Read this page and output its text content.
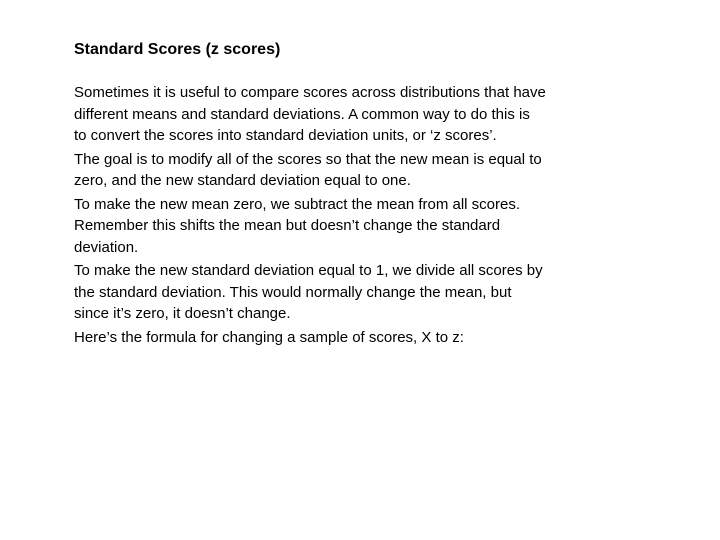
Standard Scores (z scores)
Sometimes it is useful to compare scores across distributions that have
different means and standard deviations. A common way to do this is
to convert the scores into standard deviation units, or ‘z scores’.
The goal is to modify all of the scores so that the new mean is equal to
zero, and the new standard deviation equal to one.
To make the new mean zero, we subtract the mean from all scores.
Remember this shifts the mean but doesn’t change the standard
deviation.
To make the new standard deviation equal to 1, we divide all scores by
the standard deviation. This would normally change the mean, but
since it’s zero, it doesn’t change.
Here’s the formula for changing a sample of scores, X to z:
